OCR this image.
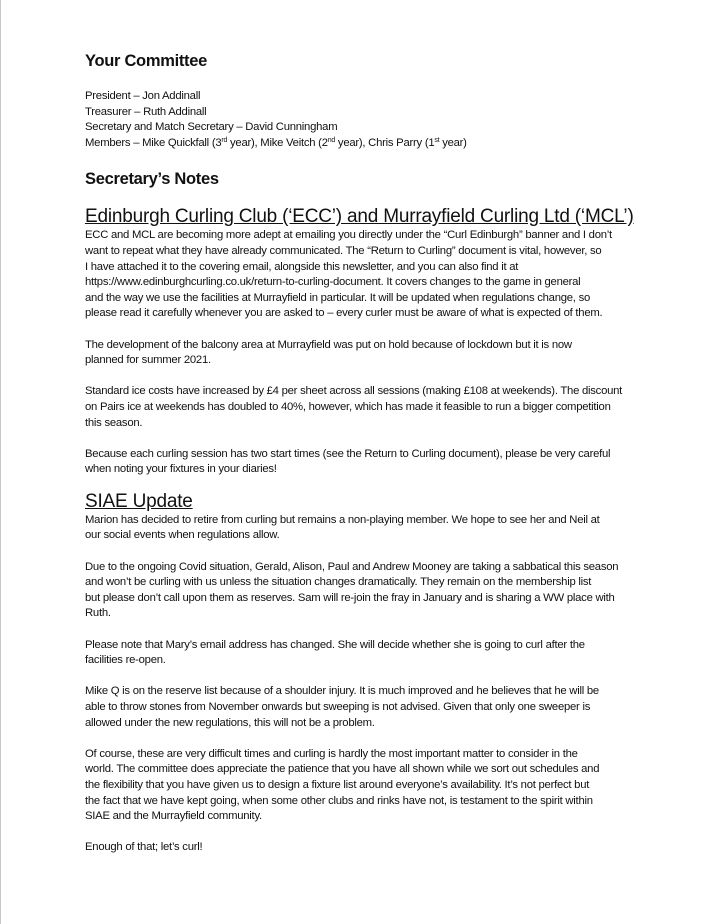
Your Committee

President – Jon Addinall

Treasurer – Ruth Addinall

Secretary and Match Secretary – David Cunningham

Members – Mike Quickfall (3rd year), Mike Veitch (2nd year), Chris Parry (1st year)

Secretary’s Notes
Edinburgh Curling Club (‘ECC’) and Murrayfield Curling Ltd (‘MCL’)

ECC and MCL are becoming more adept at emailing you directly under the “Curl Edinburgh” banner and I don’t

want to repeat what they have already communicated. The “Return to Curling” document is vital, however, so

I have attached it to the covering email, alongside this newsletter, and you can also find it at

https://www.edinburghcurling.co.uk/return-to-curling-document. It covers changes to the game in general

and the way we use the facilities at Murrayfield in particular. It will be updated when regulations change, so

please read it carefully whenever you are asked to – every curler must be aware of what is expected of them.

The development of the balcony area at Murrayfield was put on hold because of lockdown but it is now

planned for summer 2021.

Standard ice costs have increased by £4 per sheet across all sessions (making £108 at weekends). The discount

on Pairs ice at weekends has doubled to 40%, however, which has made it feasible to run a bigger competition

this season.

Because each curling session has two start times (see the Return to Curling document), please be very careful

when noting your fixtures in your diaries!

SIAE Update

Marion has decided to retire from curling but remains a non-playing member. We hope to see her and Neil at

our social events when regulations allow.

Due to the ongoing Covid situation, Gerald, Alison, Paul and Andrew Mooney are taking a sabbatical this season

and won’t be curling with us unless the situation changes dramatically. They remain on the membership list

but please don’t call upon them as reserves. Sam will re-join the fray in January and is sharing a WW place with

Ruth.

Please note that Mary’s email address has changed. She will decide whether she is going to curl after the

facilities re-open.

Mike Q is on the reserve list because of a shoulder injury. It is much improved and he believes that he will be

able to throw stones from November onwards but sweeping is not advised. Given that only one sweeper is

allowed under the new regulations, this will not be a problem.

Of course, these are very difficult times and curling is hardly the most important matter to consider in the

world. The committee does appreciate the patience that you have all shown while we sort out schedules and

the flexibility that you have given us to design a fixture list around everyone’s availability. It’s not perfect but

the fact that we have kept going, when some other clubs and rinks have not, is testament to the spirit within

SIAE and the Murrayfield community.

Enough of that; let’s curl!
